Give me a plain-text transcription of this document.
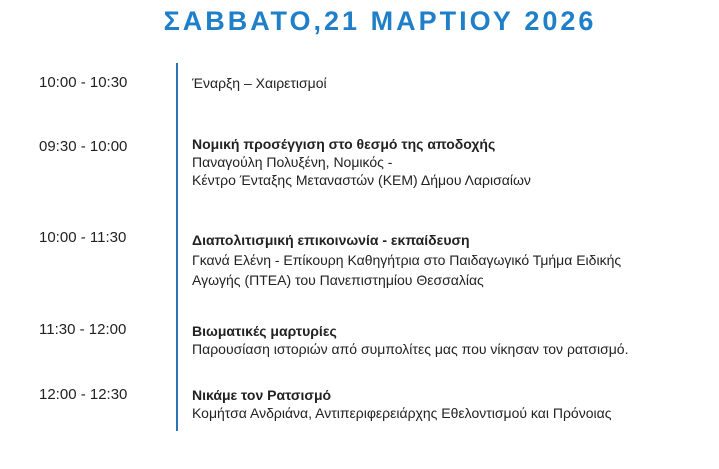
ΣΑΒΒΑΤΟ,21 ΜΑΡΤΙΟΥ 2026
10:00 - 10:30	Έναρξη – Χαιρετισμοί
09:30 - 10:00	Νομική προσέγγιση στο θεσμό της αποδοχής
Παναγούλη Πολυξένη, Νομικός -
Κέντρο Ένταξης Μεταναστών (ΚΕΜ) Δήμου Λαρισαίων
10:00 - 11:30	Διαπολιτισμική επικοινωνία - εκπαίδευση
Γκανά Ελένη - Επίκουρη Καθηγήτρια στο Παιδαγωγικό Τμήμα Ειδικής
Αγωγής (ΠΤΕΑ) του Πανεπιστημίου Θεσσαλίας
11:30 - 12:00	Βιωματικές μαρτυρίες
Παρουσίαση ιστοριών από συμπολίτες μας που νίκησαν τον ρατσισμό.
12:00 - 12:30	Νικάμε τον Ρατσισμό
Κομήτσα Ανδριάνα, Αντιπεριφερειάρχης Εθελοντισμού και Πρόνοιας
